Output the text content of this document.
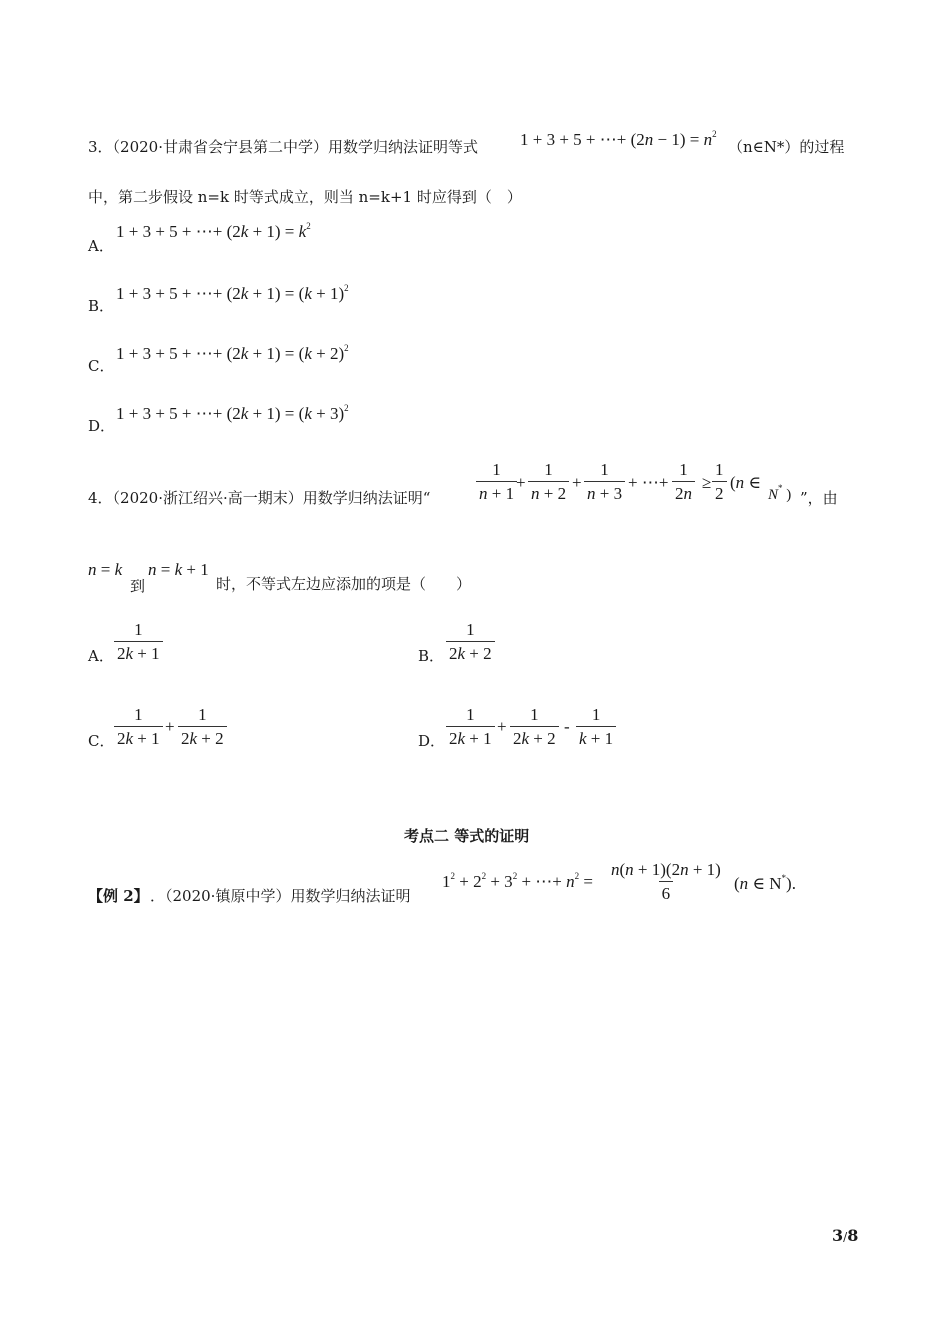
3．（2020·甘肃省会宁县第二中学）用数学归纳法证明等式 1 + 3 + 5 + ⋯+ $(2n - 1) = n^2$
（n∈N*）的过程
中，第二步假设 n=k 时等式成立，则当 n=k+1 时应得到（　）
A．
1 + 3 + 5 + ⋯+ $(2k + 1) = k^2$
B．
1 + 3 + 5 + ⋯+ $(2k + 1) = (k + 1)^2$
C．
1 + 3 + 5 + ⋯+ $(2k + 1) = (k + 2)^2$
D．
1 + 3 + 5 + ⋯+ $(2k + 1) = (k + 3)^2$
4．（2020·浙江绍兴·高一期末）用数学归纳法证明“	$\frac{1}{n + 1}$
+ $\frac{1}{n + 2} + \frac{1}{n + 3}$ + ⋯+ $\frac{1}{2n} \ge \frac{1}{2} (n$ ∈
N* ) ”，由
n = k
到
n = k + 1
时，不等式左边应添加的项是（　　）
A． $\frac{1}{2k + 1}$	B． $\frac{1}{2k + 2}$
C． $\frac{1}{2k + 1} + \frac{1}{2k + 2}$	D． $\frac{1}{2k + 1} + \frac{1}{2k + 2} - \frac{1}{k + 1}$
考点二 等式的证明
【例 2】 ．（2020·镇原中学）用数学归纳法证明
$1^2 + 2^2 + 3^2$ + ⋯+ $n^2 = \frac{n(n + 1)(2n + 1)}{6} (n$ ∈ N*).
3/8
